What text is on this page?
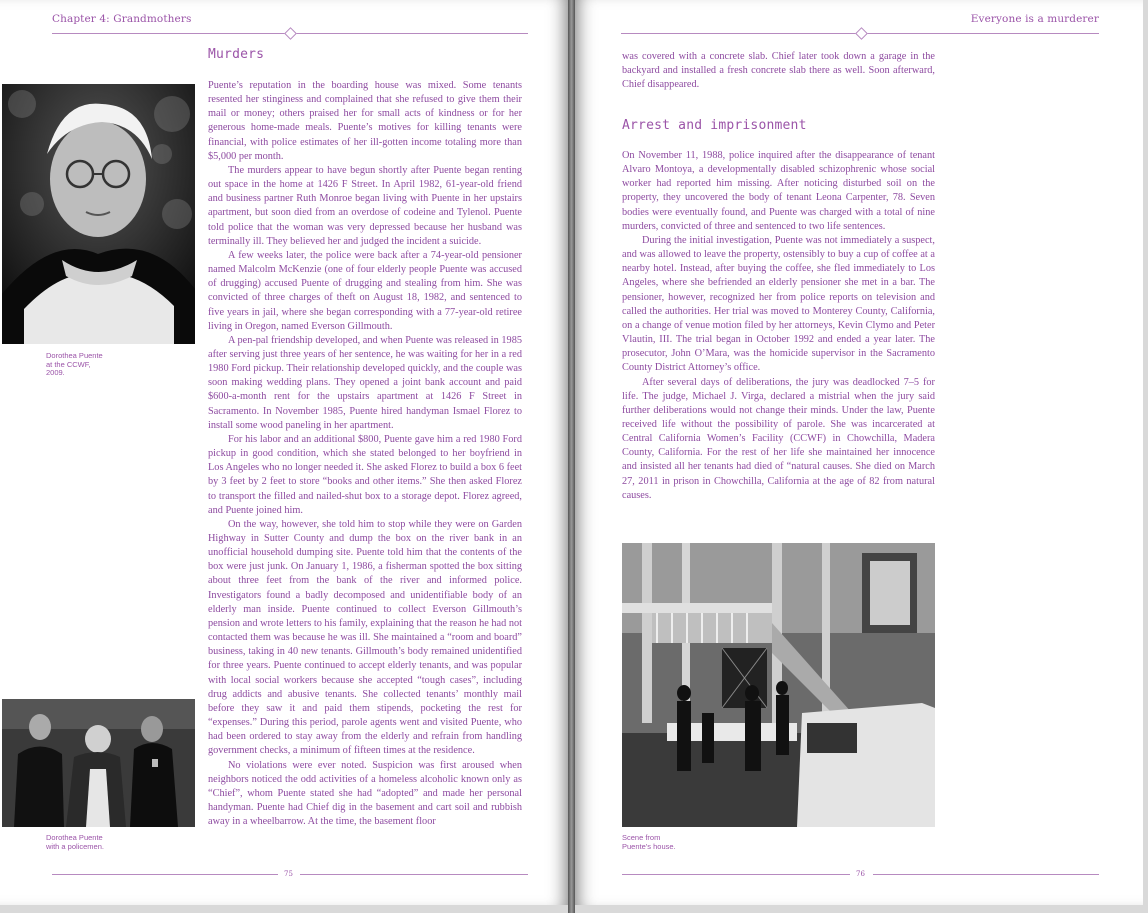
Chapter 4: Grandmothers
Murders
Dorothea Puente
at the CCWF,
2009.
Dorothea Puente
with a policemen.

Puente’s reputation in the boarding house was mixed. Some tenants resented her stinginess and complained that she refused to give them their mail or money; others praised her for small acts of kindness or for her generous home-made meals. Puente’s motives for killing tenants were financial, with police estimates of her ill-gotten income totaling more than $5,000 per month.

The murders appear to have begun shortly after Puente began renting out space in the home at 1426 F Street. In April 1982, 61-year-old friend and business partner Ruth Monroe began living with Puente in her upstairs apartment, but soon died from an overdose of codeine and Tylenol. Puente told police that the woman was very depressed because her husband was terminally ill. They believed her and judged the incident a suicide.

A few weeks later, the police were back after a 74-year-old pensioner named Malcolm McKenzie (one of four elderly people Puente was accused of drugging) accused Puente of drugging and stealing from him. She was convicted of three charges of theft on August 18, 1982, and sentenced to five years in jail, where she began corresponding with a 77-year-old retiree living in Oregon, named Everson Gillmouth.

A pen-pal friendship developed, and when Puente was released in 1985 after serving just three years of her sentence, he was waiting for her in a red 1980 Ford pickup. Their relationship developed quickly, and the couple was soon making wedding plans. They opened a joint bank account and paid $600-a-month rent for the upstairs apartment at 1426 F Street in Sacramento. In November 1985, Puente hired handyman Ismael Florez to install some wood paneling in her apartment.

For his labor and an additional $800, Puente gave him a red 1980 Ford pickup in good condition, which she stated belonged to her boyfriend in Los Angeles who no longer needed it. She asked Florez to build a box 6 feet by 3 feet by 2 feet to store “books and other items.” She then asked Florez to transport the filled and nailed-shut box to a storage depot. Florez agreed, and Puente joined him.

On the way, however, she told him to stop while they were on Garden Highway in Sutter County and dump the box on the river bank in an unofficial household dumping site. Puente told him that the contents of the box were just junk. On January 1, 1986, a fisherman spotted the box sitting about three feet from the bank of the river and informed police. Investigators found a badly decomposed and unidentifiable body of an elderly man inside. Puente continued to collect Everson Gillmouth’s pension and wrote letters to his family, explaining that the reason he had not contacted them was because he was ill. She maintained a “room and board” business, taking in 40 new tenants. Gillmouth’s body remained unidentified for three years. Puente continued to accept elderly tenants, and was popular with local social workers because she accepted “tough cases”, including drug addicts and abusive tenants. She collected tenants’ monthly mail before they saw it and paid them stipends, pocketing the rest for “expenses.” During this period, parole agents went and visited Puente, who had been ordered to stay away from the elderly and refrain from handling government checks, a minimum of fifteen times at the residence.

No violations were ever noted. Suspicion was first aroused when neighbors noticed the odd activities of a homeless alcoholic known only as “Chief”, whom Puente stated she had “adopted” and made her personal handyman. Puente had Chief dig in the basement and cart soil and rubbish away in a wheelbarrow. At the time, the basement floor

75
Everyone is a murderer

was covered with a concrete slab. Chief later took down a garage in the backyard and installed a fresh concrete slab there as well. Soon afterward, Chief disappeared.

Arrest and imprisonment

On November 11, 1988, police inquired after the disappearance of tenant Alvaro Montoya, a developmentally disabled schizophrenic whose social worker had reported him missing. After noticing disturbed soil on the property, they uncovered the body of tenant Leona Carpenter, 78. Seven bodies were eventually found, and Puente was charged with a total of nine murders, convicted of three and sentenced to two life sentences.

During the initial investigation, Puente was not immediately a suspect, and was allowed to leave the property, ostensibly to buy a cup of coffee at a nearby hotel. Instead, after buying the coffee, she fled immediately to Los Angeles, where she befriended an elderly pensioner she met in a bar. The pensioner, however, recognized her from police reports on television and called the authorities. Her trial was moved to Monterey County, California, on a change of venue motion filed by her attorneys, Kevin Clymo and Peter Vlautin, III. The trial began in October 1992 and ended a year later. The prosecutor, John O’Mara, was the homicide supervisor in the Sacramento County District Attorney’s office.

After several days of deliberations, the jury was deadlocked 7–5 for life. The judge, Michael J. Virga, declared a mistrial when the jury said further deliberations would not change their minds. Under the law, Puente received life without the possibility of parole. She was incarcerated at Central California Women’s Facility (CCWF) in Chowchilla, Madera County, California. For the rest of her life she maintained her innocence and insisted all her tenants had died of “natural causes. She died on March 27, 2011 in prison in Chowchilla, California at the age of 82 from natural causes.

Scene from
Puente’s house.
76
